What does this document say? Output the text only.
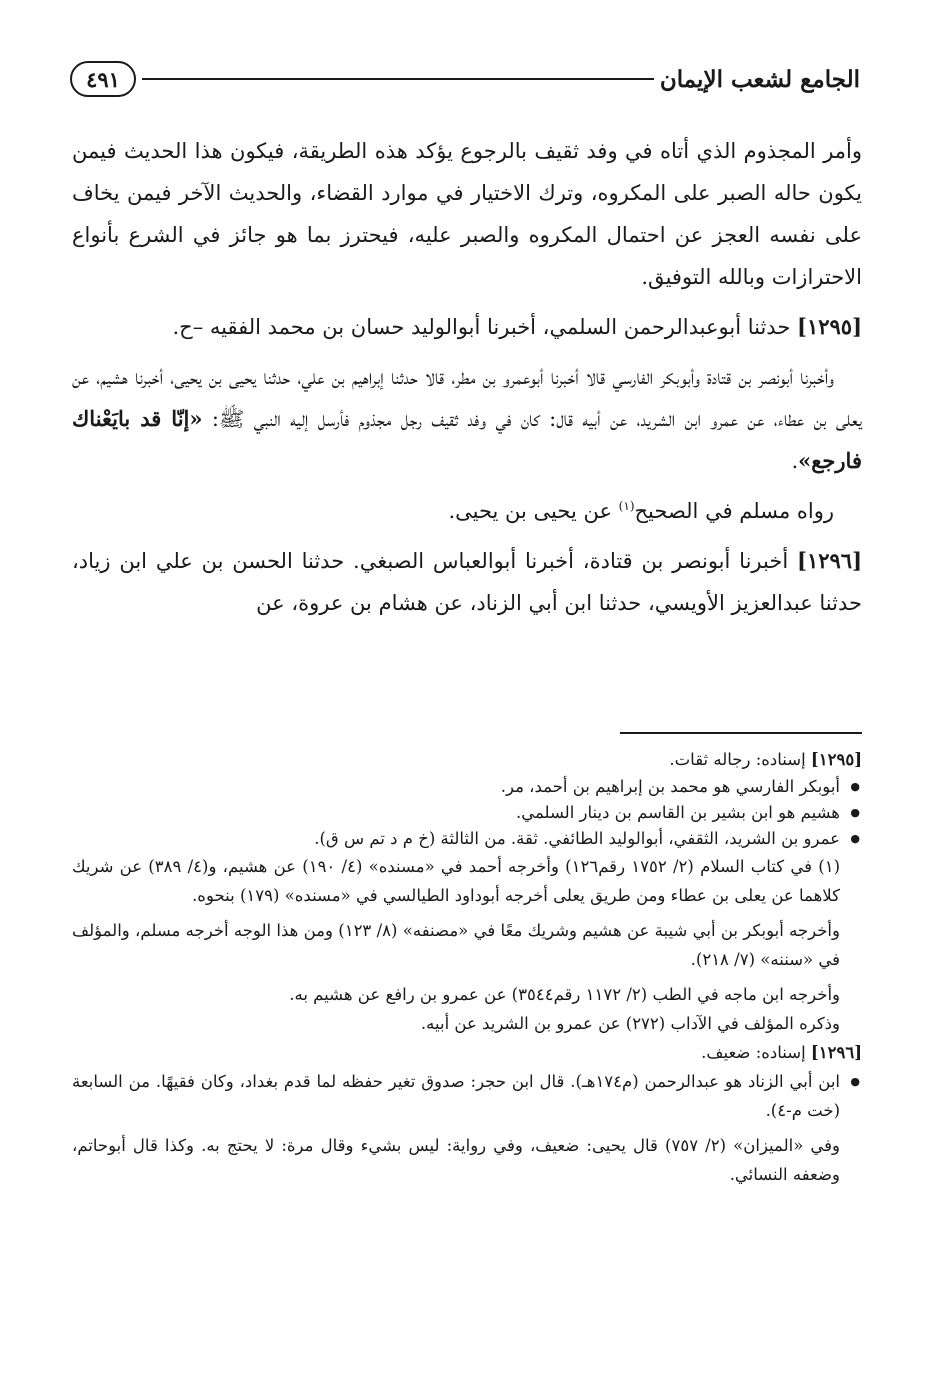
٤٩١	الجامع لشعب الإيمان

وأمر المجذوم الذي أتاه في وفد ثقيف بالرجوع يؤكد هذه الطريقة، فيكون هذا الحديث فيمن يكون حاله الصبر على المكروه، وترك الاختيار في موارد القضاء، والحديث الآخر فيمن يخاف على نفسه العجز عن احتمال المكروه والصبر عليه، فيحترز بما هو جائز في الشرع بأنواع الاحترازات وبالله التوفيق.

[١٢٩٥] حدثنا أبوعبدالرحمن السلمي، أخبرنا أبوالوليد حسان بن محمد الفقيه –ح.

وأخبرنا أبونصر بن قتادة وأبوبكر الفارسي قالا أخبرنا أبوعمرو بن مطر، قالا حدثنا إبراهيم بن علي، حدثنا يحيى بن يحيى، أخبرنا هشيم، عن يعلى بن عطاء، عن عمرو ابن الشريد، عن أبيه قال: كان في وفد ثقيف رجل مجذوم فأرسل إليه النبي ﷺ: «إنّا قد بايَعْناك فارجع».

رواه مسلم في الصحيح$^{(١)}$ عن يحيى بن يحيى.

[١٢٩٦] أخبرنا أبونصر بن قتادة، أخبرنا أبوالعباس الصبغي. حدثنا الحسن بن علي ابن زياد، حدثنا عبدالعزيز الأويسي، حدثنا ابن أبي الزناد، عن هشام بن عروة، عن

[١٢٩٥] إسناده: رجاله ثقات.

● أبوبكر الفارسي هو محمد بن إبراهيم بن أحمد، مر.

● هشيم هو ابن بشير بن القاسم بن دينار السلمي.

● عمرو بن الشريد، الثقفي، أبوالوليد الطائفي. ثقة. من الثالثة (خ م د تم س ق).

(١) في كتاب السلام (٢/ ١٧٥٢ رقم١٢٦) وأخرجه أحمد في «مسنده» (٤/ ١٩٠) عن هشيم، و(٤/ ٣٨٩) عن شريك كلاهما عن يعلى بن عطاء ومن طريق يعلى أخرجه أبوداود الطيالسي في «مسنده» (١٧٩) بنحوه.

وأخرجه أبوبكر بن أبي شيبة عن هشيم وشريك معًا في «مصنفه» (٨/ ١٢٣) ومن هذا الوجه أخرجه مسلم، والمؤلف في «سننه» (٧/ ٢١٨).

وأخرجه ابن ماجه في الطب (٢/ ١١٧٢ رقم٣٥٤٤) عن عمرو بن رافع عن هشيم به.

وذكره المؤلف في الآداب (٢٧٢) عن عمرو بن الشريد عن أبيه.

[١٢٩٦] إسناده: ضعيف.

● ابن أبي الزناد هو عبدالرحمن (م١٧٤هـ). قال ابن حجر: صدوق تغير حفظه لما قدم بغداد، وكان فقيهًا. من السابعة (خت م-٤).

وفي «الميزان» (٢/ ٧٥٧) قال يحيى: ضعيف، وفي رواية: ليس بشيء وقال مرة: لا يحتج به. وكذا قال أبوحاتم، وضعفه النسائي.
